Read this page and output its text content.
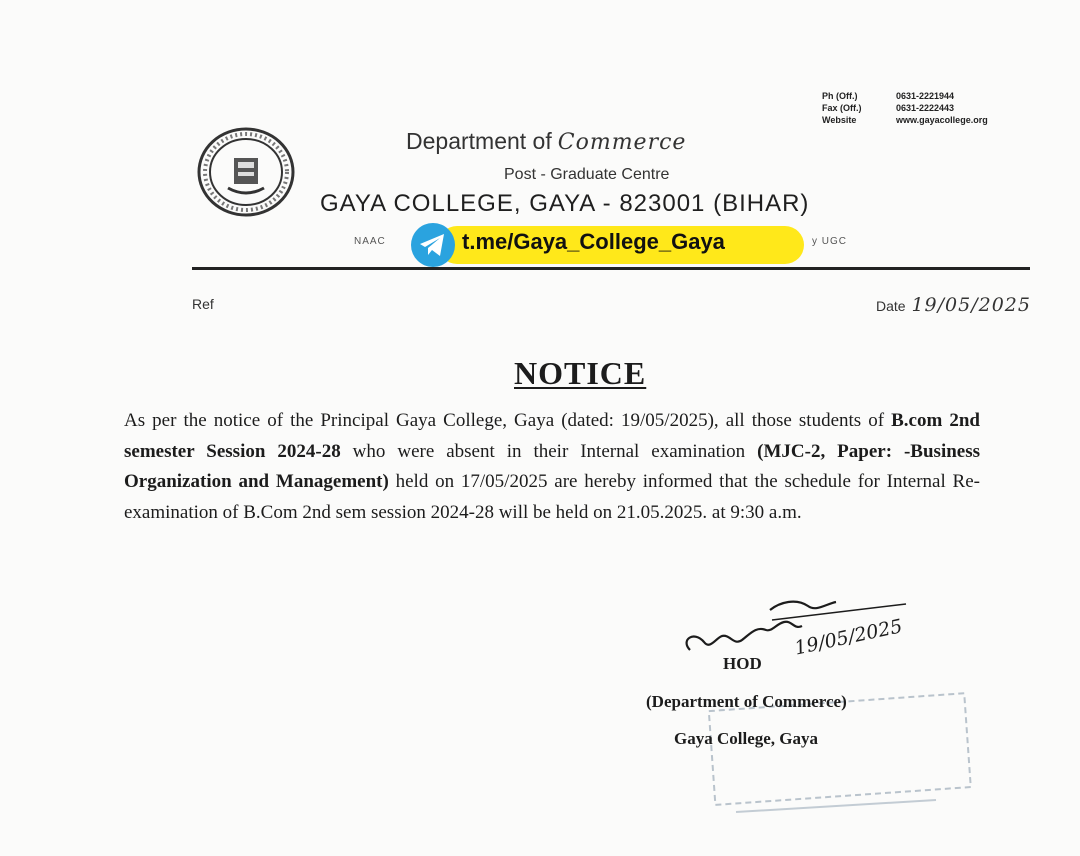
Ph (Off.)	0631-2221944
Fax (Off.)	0631-2222443
Website	www.gayacollege.org
Department of Commerce
Post - Graduate Centre
GAYA COLLEGE, GAYA - 823001 (BIHAR)
NAAC	y UGC
t.me/Gaya_College_Gaya
Ref	Date 19/05/2025
NOTICE
As per the notice of the Principal Gaya College, Gaya (dated: 19/05/2025), all those students of B.com 2nd semester Session 2024-28 who were absent in their Internal examination (MJC-2, Paper: -Business Organization and Management) held on 17/05/2025 are hereby informed that the schedule for Internal Re- examination of B.Com 2nd sem session 2024-28 will be held on 21.05.2025. at 9:30 a.m.
19/05/2025
HOD
(Department of Commerce)
Gaya College, Gaya
